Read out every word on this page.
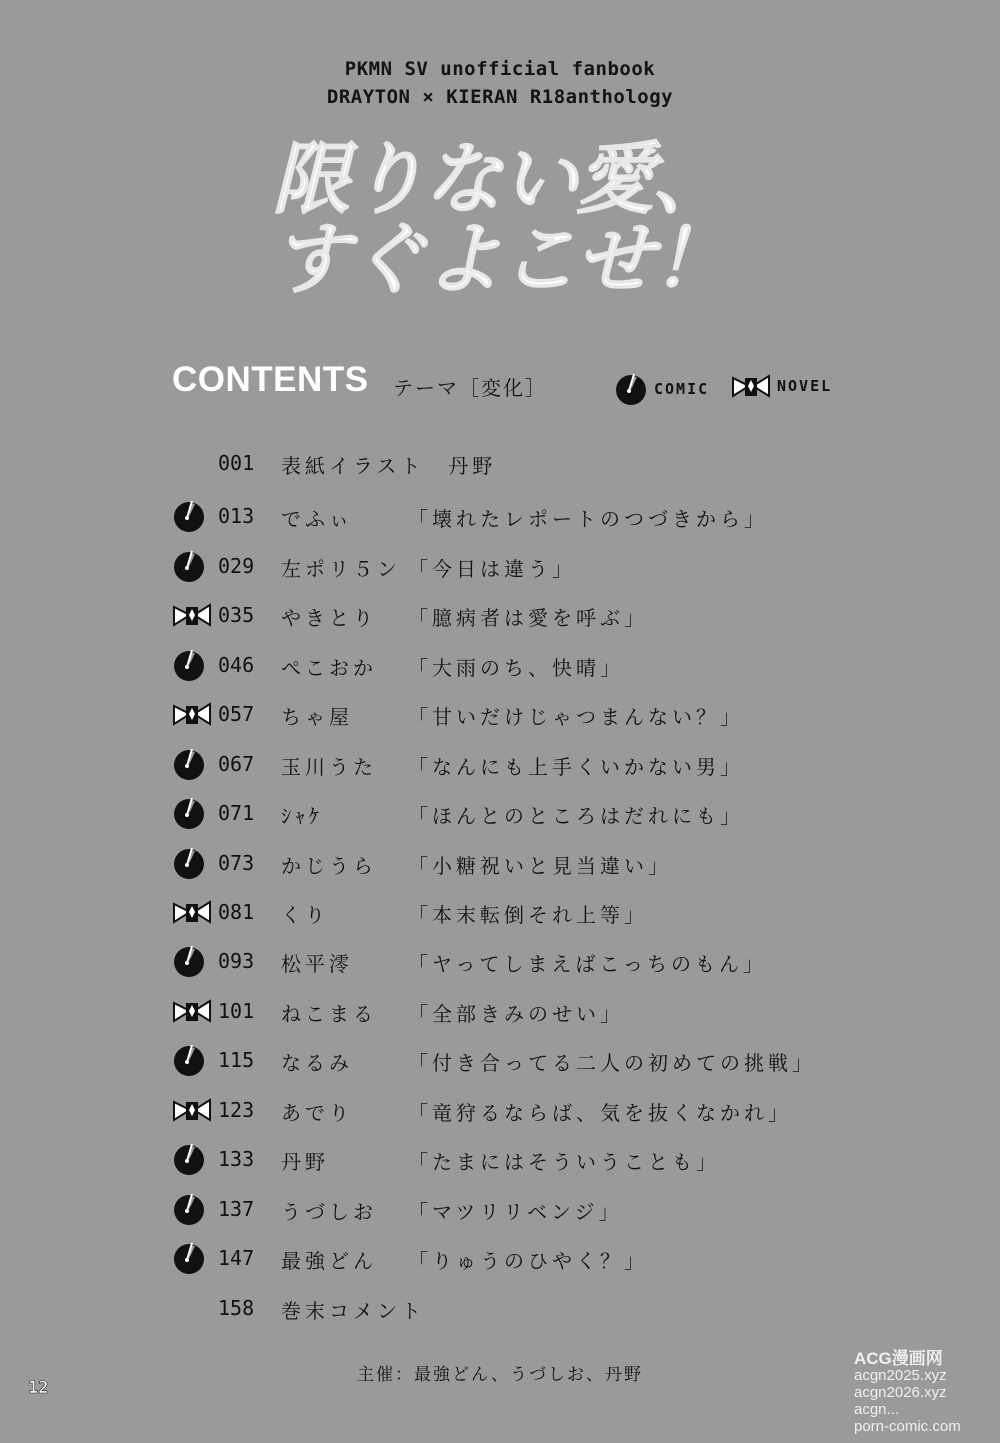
PKMN SV unofficial fanbook
DRAYTON × KIERAN R18anthology
限りない愛、
すぐよこせ！
CONTENTS テーマ［変化］	COMIC	NOVEL
001 表紙イラスト　丹野
013 でふぃ	「壊れたレポートのつづきから」
029 左ポリ５ン 「今日は違う」
035 やきとり 「臆病者は愛を呼ぶ」
046 ぺこおか 「大雨のち、快晴」
057 ちゃ屋	「甘いだけじゃつまんない？」
067 玉川うた 「なんにも上手くいかない男」
071 ｼｬｹ	「ほんとのところはだれにも」
073 かじうら 「小糖祝いと見当違い」
081 くり	「本末転倒それ上等」
093 松平澪	「ヤってしまえばこっちのもん」
101 ねこまる 「全部きみのせい」
115 なるみ	「付き合ってる二人の初めての挑戦」
123 あでり	「竜狩るならば、気を抜くなかれ」
133 丹野	「たまにはそういうことも」
137 うづしお 「マツリリベンジ」
147 最強どん 「りゅうのひやく？」
158 巻末コメント
主催：最強どん、うづしお、丹野
12
ACG漫画网
acgn2025.xyz
acgn2026.xyz
acgn...
porn-comic.com
